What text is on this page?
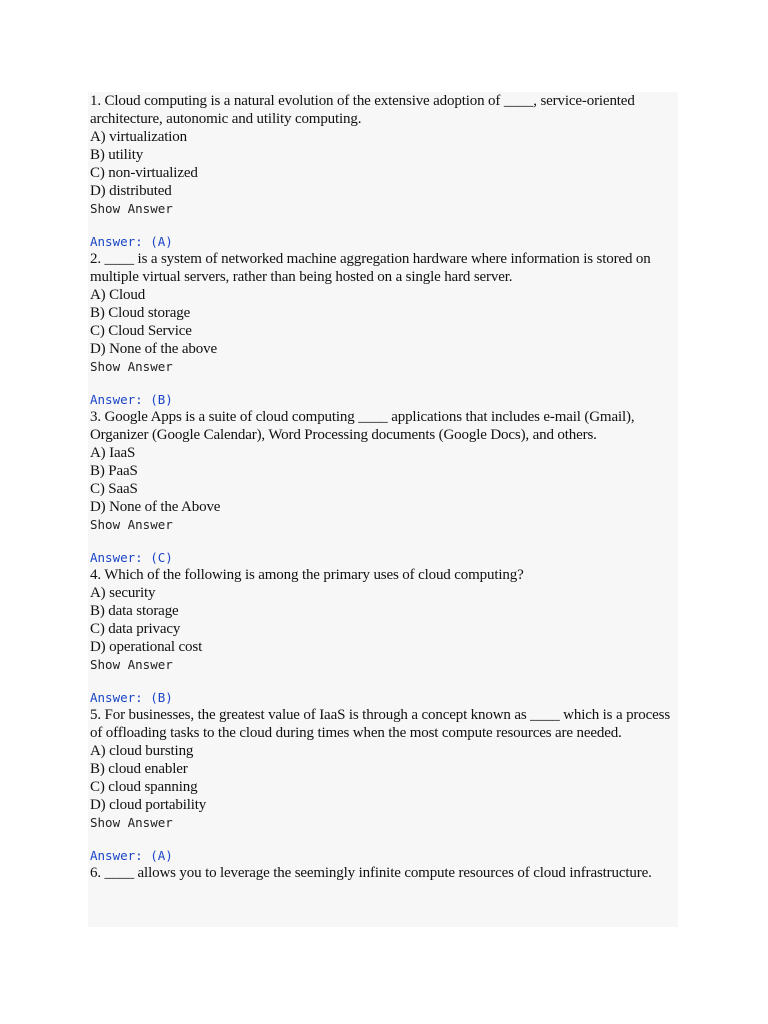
1. Cloud computing is a natural evolution of the extensive adoption of ____, service-oriented architecture, autonomic and utility computing.
A) virtualization
B) utility
C) non-virtualized
D) distributed
Show Answer
Answer: (A)
2. ____ is a system of networked machine aggregation hardware where information is stored on multiple virtual servers, rather than being hosted on a single hard server.
A) Cloud
B) Cloud storage
C) Cloud Service
D) None of the above
Show Answer
Answer: (B)
3. Google Apps is a suite of cloud computing ____ applications that includes e-mail (Gmail),
Organizer (Google Calendar), Word Processing documents (Google Docs), and others.
A) IaaS
B) PaaS
C) SaaS
D) None of the Above
Show Answer
Answer: (C)
4. Which of the following is among the primary uses of cloud computing?
A) security
B) data storage
C) data privacy
D) operational cost
Show Answer
Answer: (B)
5. For businesses, the greatest value of IaaS is through a concept known as ____ which is a process of offloading tasks to the cloud during times when the most compute resources are needed.
A) cloud bursting
B) cloud enabler
C) cloud spanning
D) cloud portability
Show Answer
Answer: (A)
6. ____ allows you to leverage the seemingly infinite compute resources of cloud infrastructure.
